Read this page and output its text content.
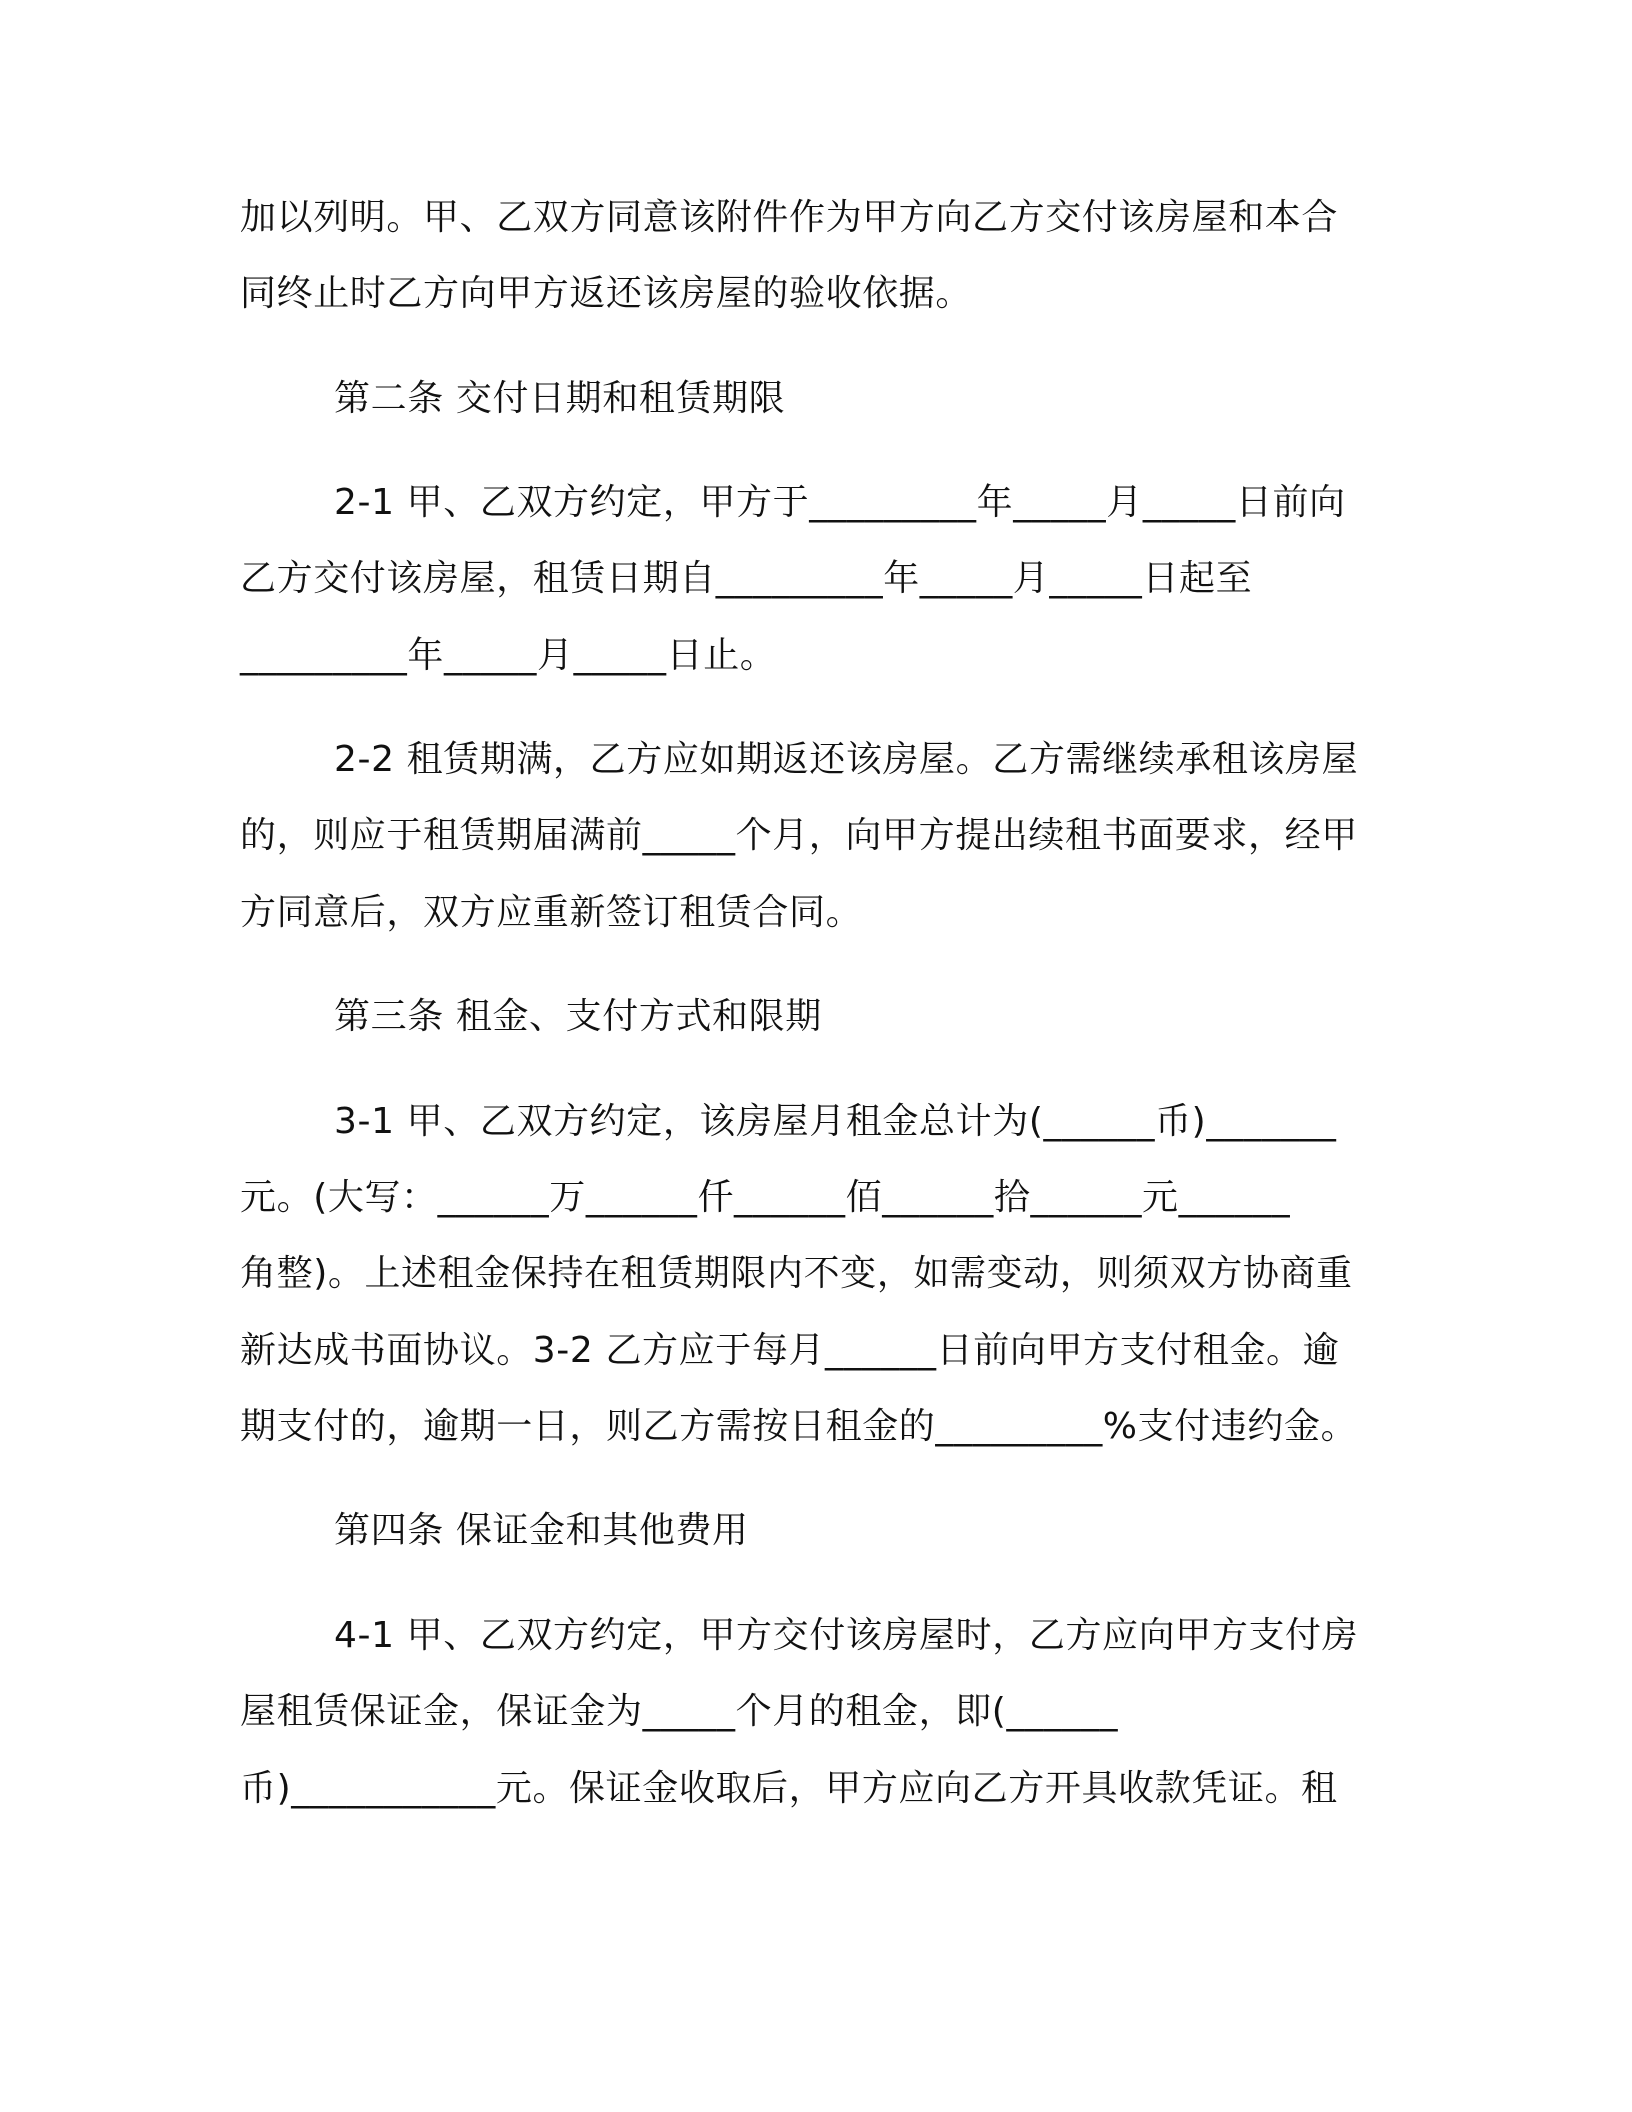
加以列明。甲、乙双方同意该附件作为甲方向乙方交付该房屋和本合

同终止时乙方向甲方返还该房屋的验收依据。

第二条 交付日期和租赁期限

2-1 甲、乙双方约定，甲方于_________年_____月_____日前向

乙方交付该房屋，租赁日期自_________年_____月_____日起至

_________年_____月_____日止。

2-2 租赁期满，乙方应如期返还该房屋。乙方需继续承租该房屋

的，则应于租赁期届满前_____个月，向甲方提出续租书面要求，经甲

方同意后，双方应重新签订租赁合同。

第三条 租金、支付方式和限期

3-1 甲、乙双方约定，该房屋月租金总计为(______币)_______

元。(大写：______万______仟______佰______拾______元______

角整)。上述租金保持在租赁期限内不变，如需变动，则须双方协商重

新达成书面协议。3-2 乙方应于每月______日前向甲方支付租金。逾

期支付的，逾期一日，则乙方需按日租金的_________%支付违约金。

第四条 保证金和其他费用

4-1 甲、乙双方约定，甲方交付该房屋时，乙方应向甲方支付房

屋租赁保证金，保证金为_____个月的租金，即(______

币)___________元。保证金收取后，甲方应向乙方开具收款凭证。租
